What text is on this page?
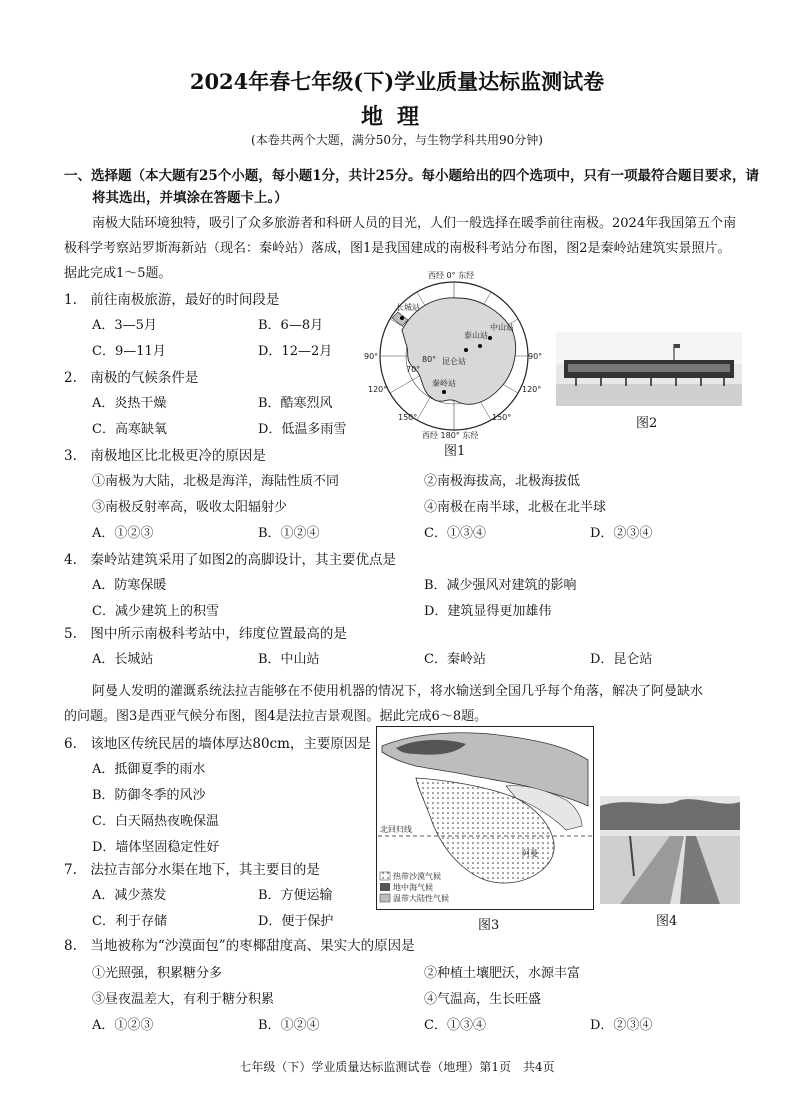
2024年春七年级(下)学业质量达标监测试卷
地理
(本卷共两个大题，满分50分，与生物学科共用90分钟)
一、选择题（本大题有25个小题，每小题1分，共计25分。每小题给出的四个选项中，只有一项最符合题目要求，请
将其选出，并填涂在答题卡上。）
南极大陆环境独特，吸引了众多旅游者和科研人员的目光，人们一般选择在暖季前往南极。2024年我国第五个南
极科学考察站罗斯海新站（现名：秦岭站）落成，图1是我国建成的南极科考站分布图，图2是秦岭站建筑实景照片。
据此完成1～5题。	西经 0° 东经
长城站
中山站
泰山站
昆仑站
秦岭站
90°	90°
80°
70°
120°	120°
150°	150°
西经 180° 东经
图1
图2
1.　前往南极旅游，最好的时间段是
A．3—5月	B．6—8月
C．9—11月	D．12—2月
2.　南极的气候条件是
A．炎热干燥	B．酷寒烈风
C．高寒缺氧	D．低温多雨雪
3.　南极地区比北极更冷的原因是
①南极为大陆，北极是海洋，海陆性质不同	②南极海拔高，北极海拔低
③南极反射率高，吸收太阳辐射少	④南极在南半球，北极在北半球
A．①②③	B．①②④	C．①③④	D．②③④
4.　秦岭站建筑采用了如图2的高脚设计，其主要优点是
A．防寒保暖	B．减少强风对建筑的影响
C．减少建筑上的积雪	D．建筑显得更加雄伟
5.　图中所示南极科考站中，纬度位置最高的是
A．长城站	B．中山站	C．秦岭站	D．昆仑站
阿曼人发明的灌溉系统法拉吉能够在不使用机器的情况下，将水输送到全国几乎每个角落，解决了阿曼缺水
的问题。图3是西亚气候分布图，图4是法拉吉景观图。据此完成6～8题。
北回归线
阿曼
热带沙漠气候
地中海气候
温带大陆性气候
图3	图4
6.　该地区传统民居的墙体厚达80cm，主要原因是
A．抵御夏季的雨水
B．防御冬季的风沙
C．白天隔热夜晚保温
D．墙体坚固稳定性好
7.　法拉吉部分水渠在地下，其主要目的是
A．减少蒸发	B．方便运输
C．利于存储	D．便于保护
8.　当地被称为“沙漠面包”的枣椰甜度高、果实大的原因是
①光照强，积累糖分多	②种植土壤肥沃，水源丰富
③昼夜温差大，有利于糖分积累	④气温高，生长旺盛
A．①②③	B．①②④	C．①③④	D．②③④
七年级（下）学业质量达标监测试卷（地理）第1页　共4页
